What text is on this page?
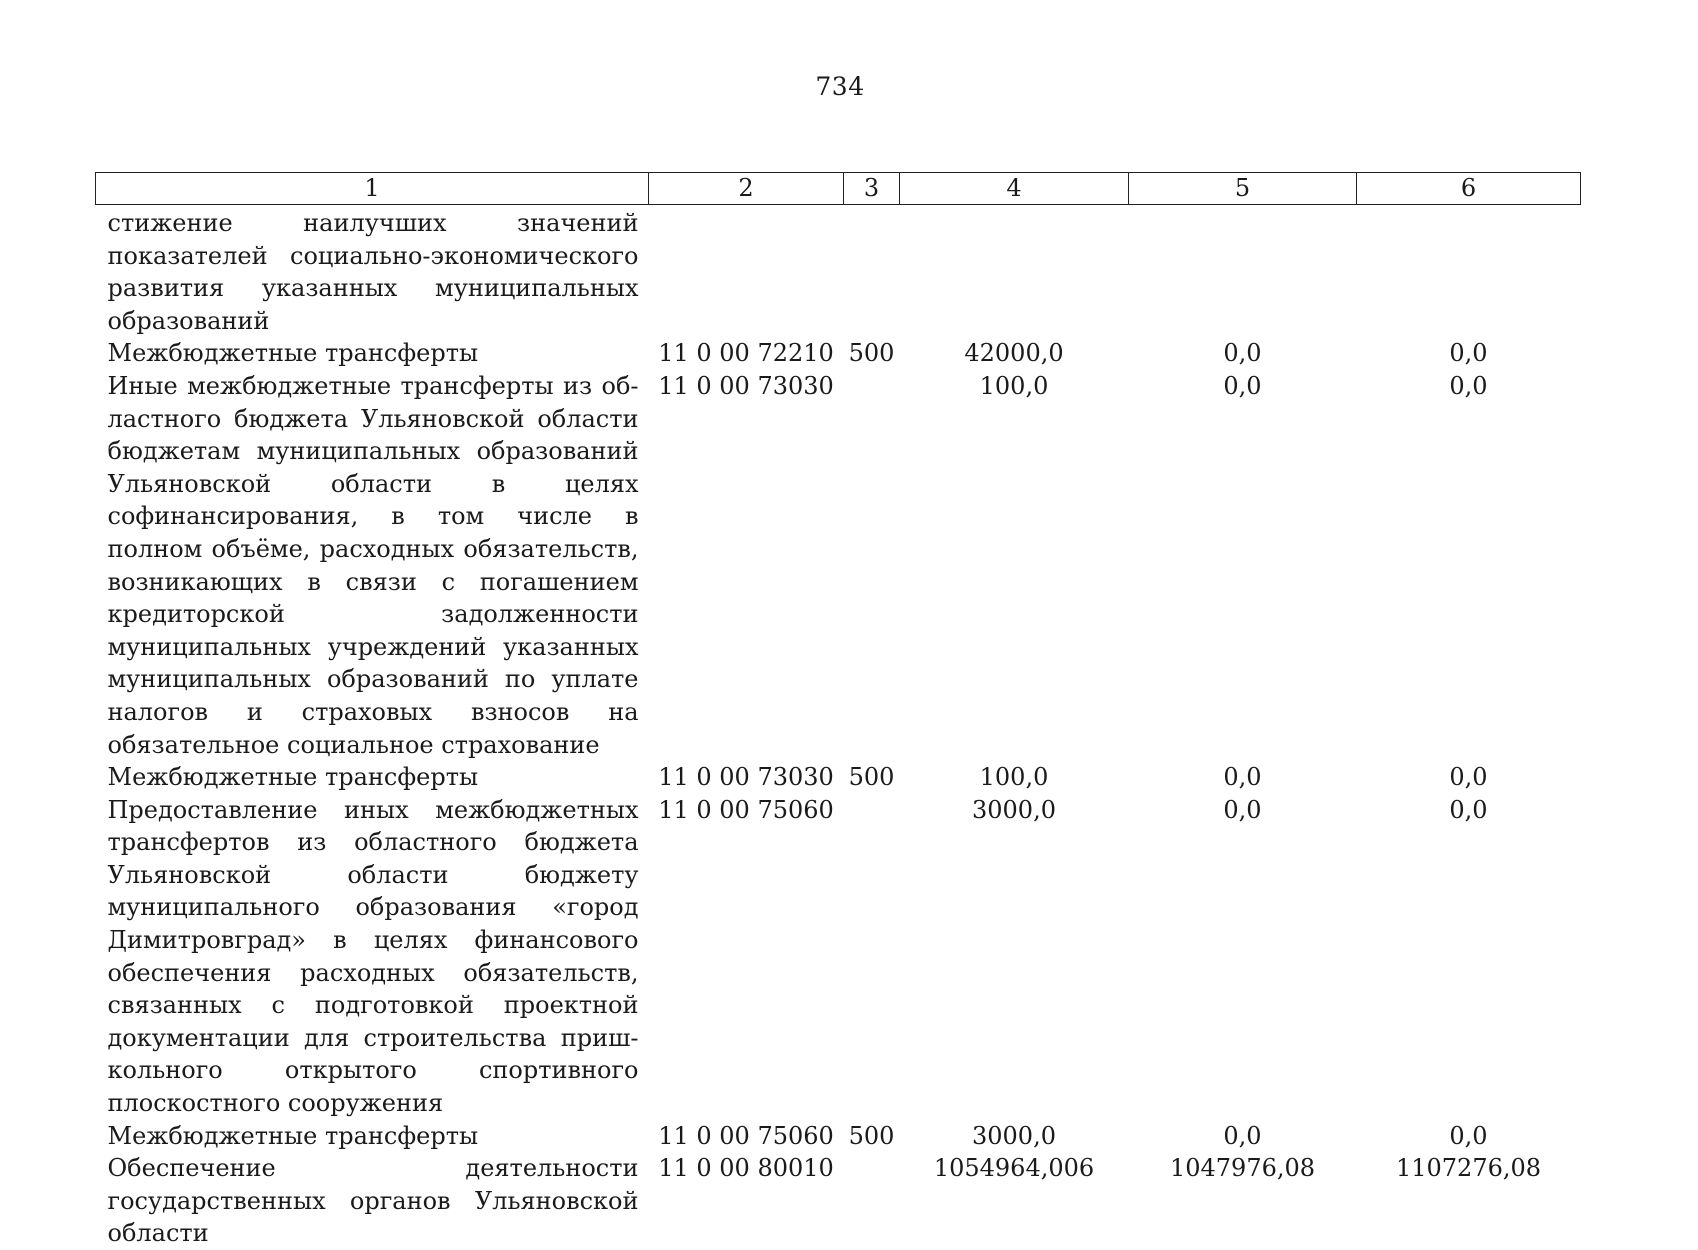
734
1	2	3	4	5	6
стижение наилучших значений показателей социально-экономического развития указанных муниципальных образований					
Межбюджетные трансферты	11 0 00 72210	500	42000,0	0,0	0,0
Иные межбюджетные трансферты из областного бюджета Ульяновской области бюджетам муниципальных образований Ульяновской области в целях софинансирования, в том числе в полном объёме, расходных обязательств, возникающих в связи с погашением кредиторской задолженности муниципальных учреждений указанных муниципальных образований по уплате налогов и страховых взносов на обязательное социальное страхование	11 0 00 73030		100,0	0,0	0,0
Межбюджетные трансферты	11 0 00 73030	500	100,0	0,0	0,0
Предоставление иных межбюджетных трансфертов из областного бюджета Ульяновской области бюджету муниципального образования «город Димитровград» в целях финансового обеспечения расходных обязательств, связанных с подготовкой проектной документации для строительства пришкольного открытого спортивного плоскостного сооружения	11 0 00 75060		3000,0	0,0	0,0
Межбюджетные трансферты	11 0 00 75060	500	3000,0	0,0	0,0
Обеспечение деятельности государственных органов Ульяновской области	11 0 00 80010		1054964,006	1047976,08	1107276,08
